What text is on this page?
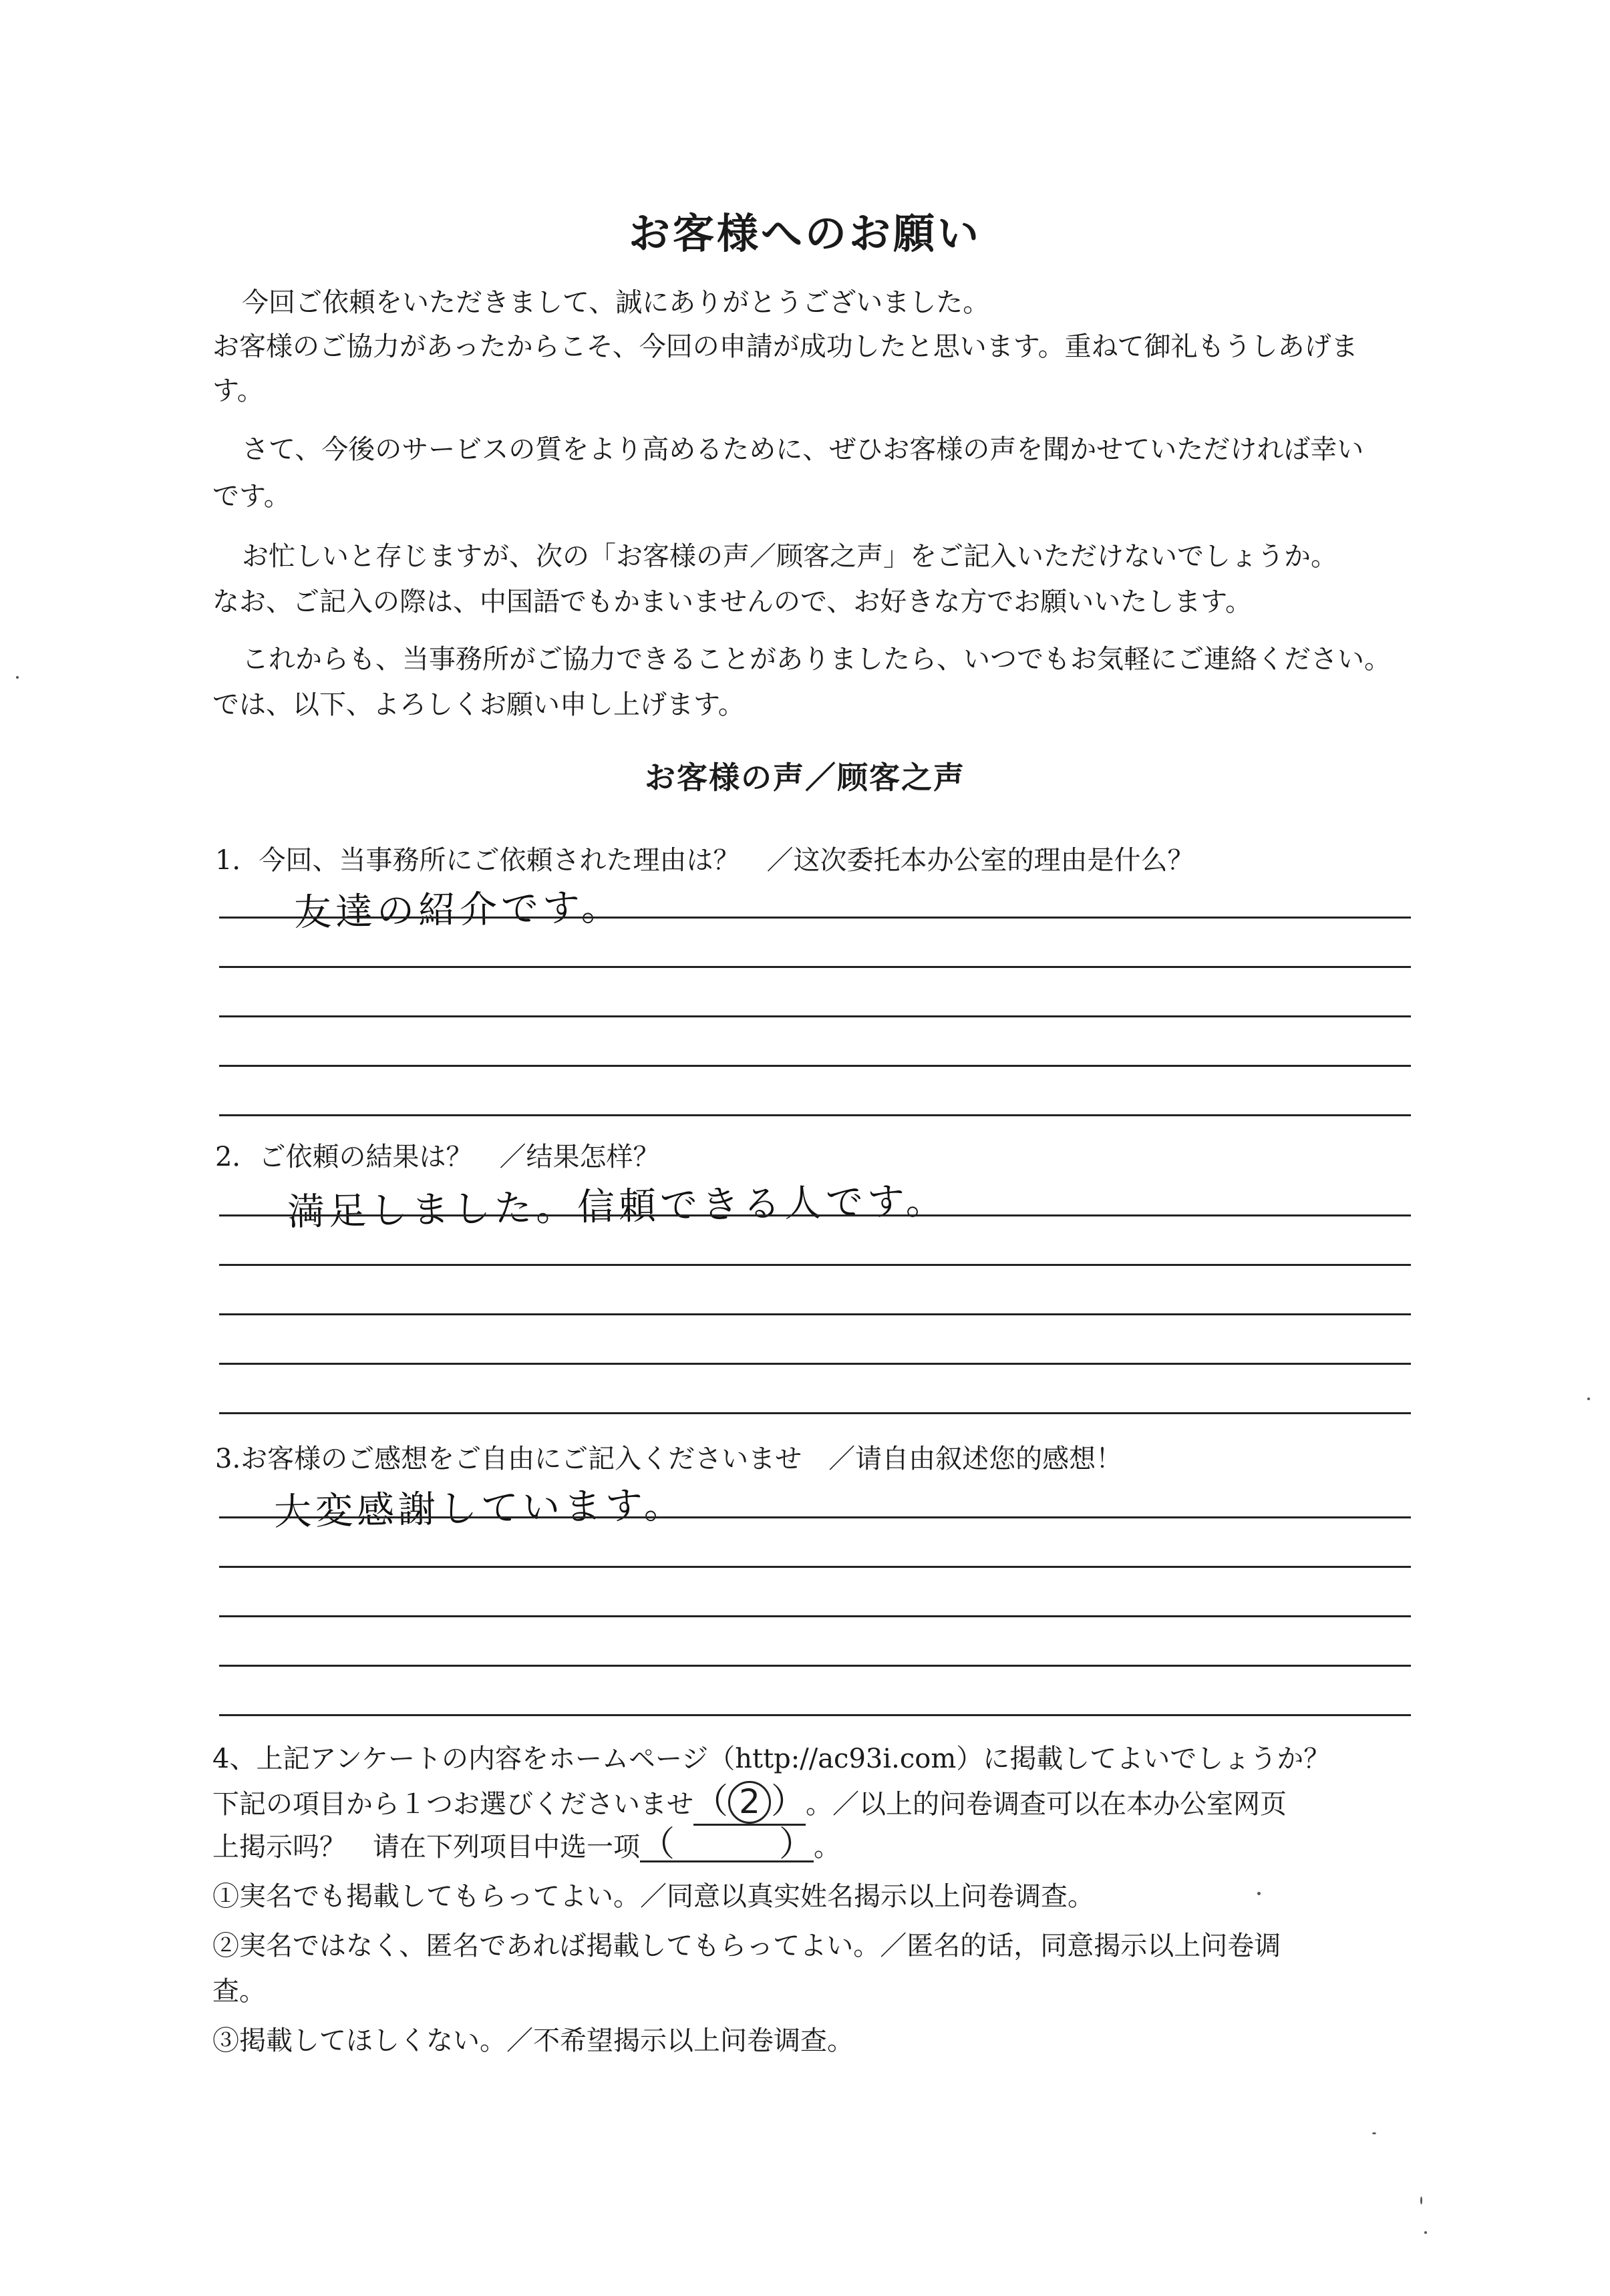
お客様へのお願い
今回ご依頼をいただきまして、誠にありがとうございました。
お客様のご協力があったからこそ、今回の申請が成功したと思います。重ねて御礼もうしあげま
す。
さて、今後のサービスの質をより高めるために、ぜひお客様の声を聞かせていただければ幸い
です。
お忙しいと存じますが、次の「お客様の声／顾客之声」をご記入いただけないでしょうか。
なお、ご記入の際は、中国語でもかまいませんので、お好きな方でお願いいたします。
これからも、当事務所がご協力できることがありましたら、いつでもお気軽にご連絡ください。
では、以下、よろしくお願い申し上げます。
お客様の声／顾客之声
1．今回、当事務所にご依頼された理由は？　／这次委托本办公室的理由是什么？
友達の紹介です。
2．ご依頼の結果は？　／结果怎样？
満足しました。信頼できる人です。
3.お客様のご感想をご自由にご記入くださいませ　／请自由叙述您的感想！
大変感謝しています。
4、上記アンケートの内容をホームページ（http://ac93i.com）に掲載してよいでしょうか？
下記の項目から１つお選びくださいませ（ 2 ）。／以上的问卷调查可以在本办公室网页
上掲示吗？　请在下列项目中选一项（　　　）。
①実名でも掲載してもらってよい。／同意以真实姓名揭示以上问卷调查。
②実名ではなく、匿名であれば掲載してもらってよい。／匿名的话，同意揭示以上问卷调
查。
③掲載してほしくない。／不希望揭示以上问卷调查。
